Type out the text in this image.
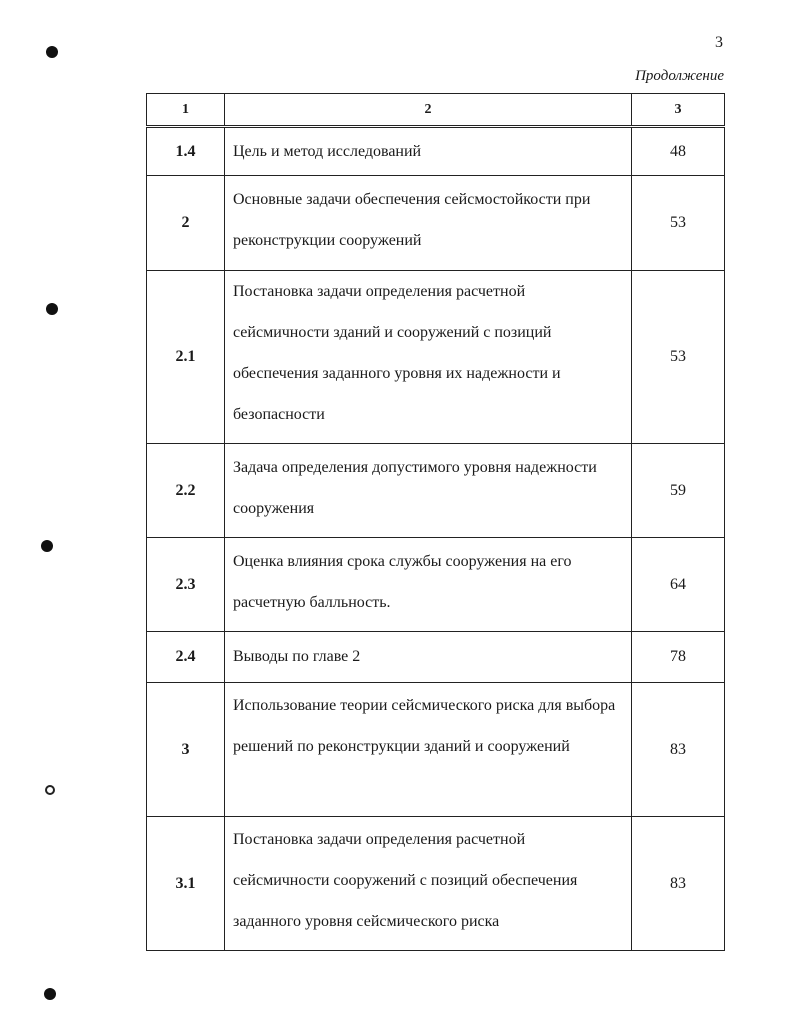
3
Продолжение
1	2	3
1.4	Цель и метод исследований	48
2	Основные задачи обеспечения сейсмостойкости при реконструкции сооружений	53
2.1	Постановка задачи определения расчетной сейсмичности зданий и сооружений с позиций обеспечения заданного уровня их надежности и безопасности	53
2.2	Задача определения допустимого уровня надежности сооружения	59
2.3	Оценка влияния срока службы сооружения на его расчетную балльность.	64
2.4	Выводы по главе 2	78
3	Использование теории сейсмического риска для выбора решений по реконструкции зданий и сооружений	83
3.1	Постановка задачи определения расчетной сейсмичности сооружений с позиций обеспечения заданного уровня сейсмического риска	83
